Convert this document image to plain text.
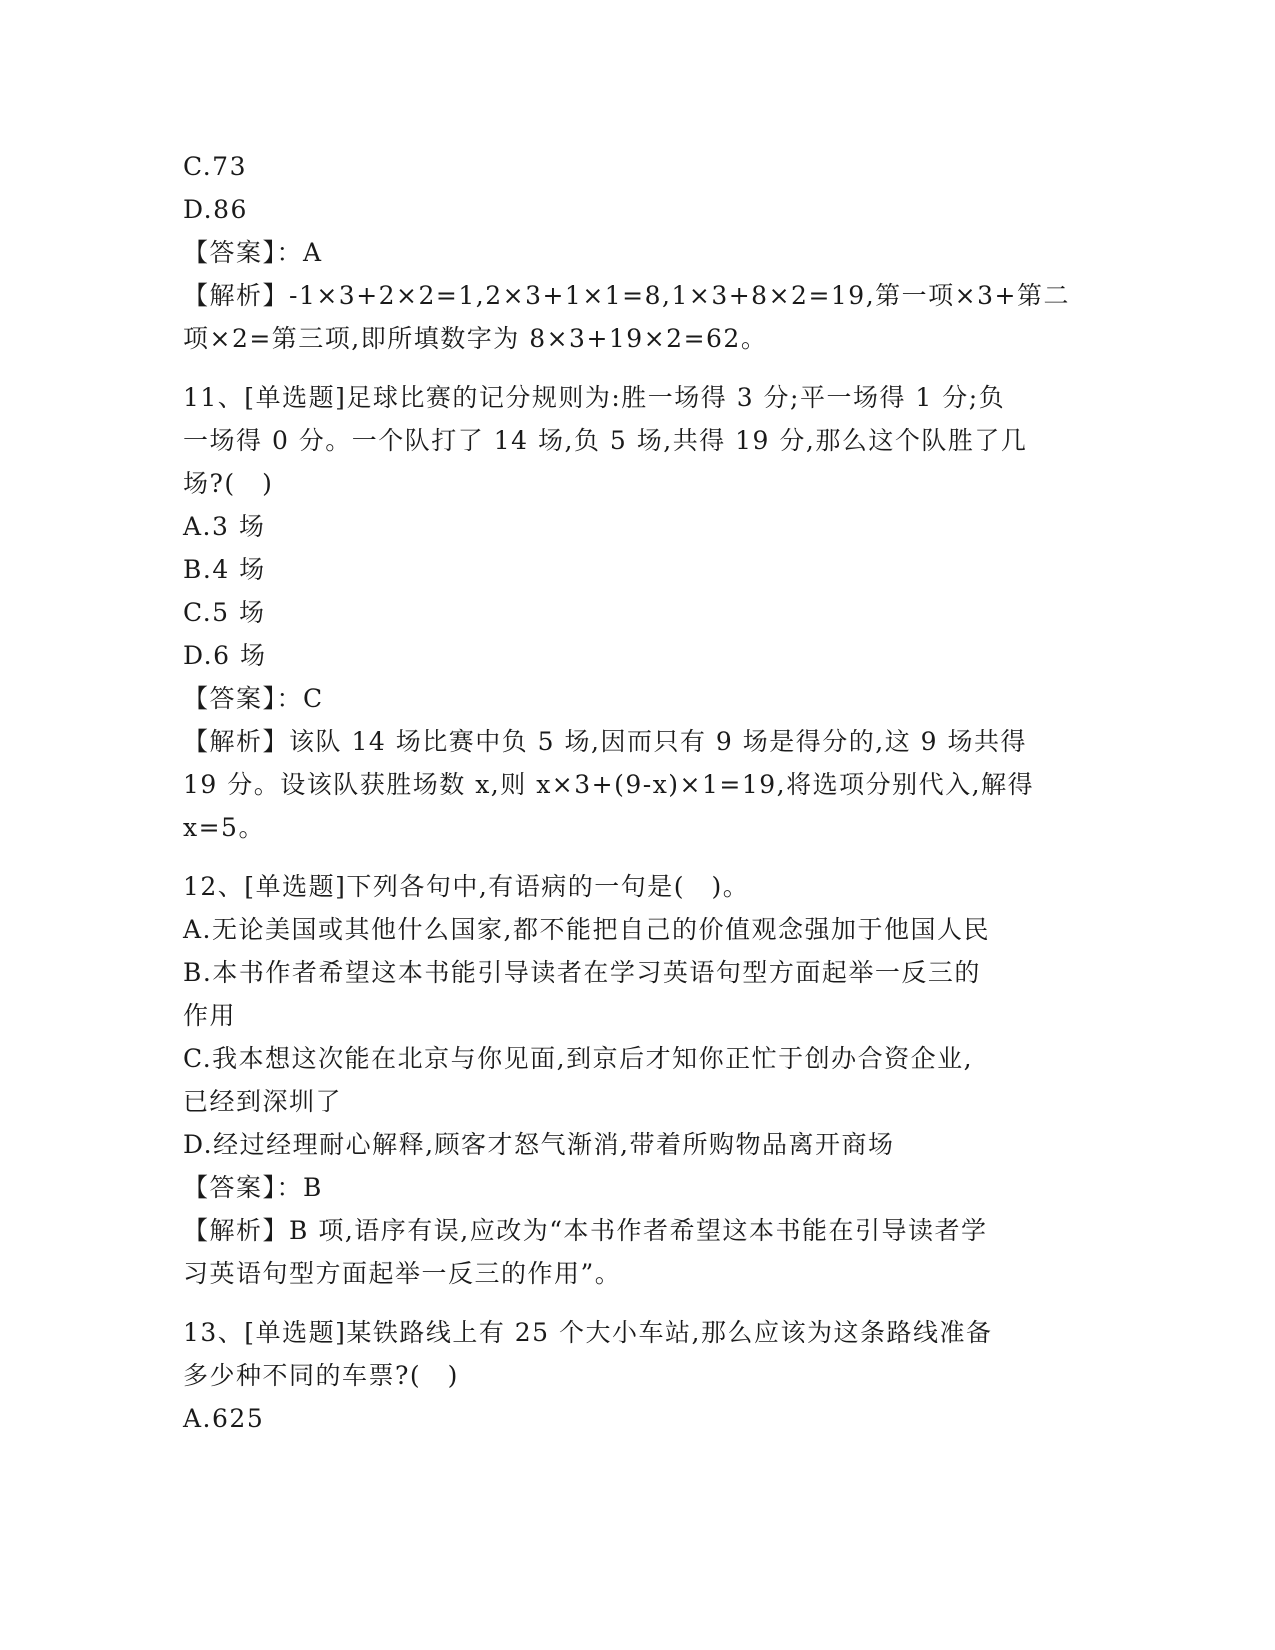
C.73
D.86
【答案】：A
【解析】-1×3+2×2=1,2×3+1×1=8,1×3+8×2=19,第一项×3+第二
项×2=第三项,即所填数字为 8×3+19×2=62。
11、[单选题]足球比赛的记分规则为:胜一场得 3 分;平一场得 1 分;负
一场得 0 分。一个队打了 14 场,负 5 场,共得 19 分,那么这个队胜了几
场?(　)
A.3 场
B.4 场
C.5 场
D.6 场
【答案】：C
【解析】该队 14 场比赛中负 5 场,因而只有 9 场是得分的,这 9 场共得
19 分。设该队获胜场数 x,则 x×3+(9-x)×1=19,将选项分别代入,解得
x=5。
12、[单选题]下列各句中,有语病的一句是(　)。
A.无论美国或其他什么国家,都不能把自己的价值观念强加于他国人民
B.本书作者希望这本书能引导读者在学习英语句型方面起举一反三的
作用
C.我本想这次能在北京与你见面,到京后才知你正忙于创办合资企业,
已经到深圳了
D.经过经理耐心解释,顾客才怒气渐消,带着所购物品离开商场
【答案】：B
【解析】B 项,语序有误,应改为“本书作者希望这本书能在引导读者学
习英语句型方面起举一反三的作用”。
13、[单选题]某铁路线上有 25 个大小车站,那么应该为这条路线准备
多少种不同的车票?(　)
A.625
